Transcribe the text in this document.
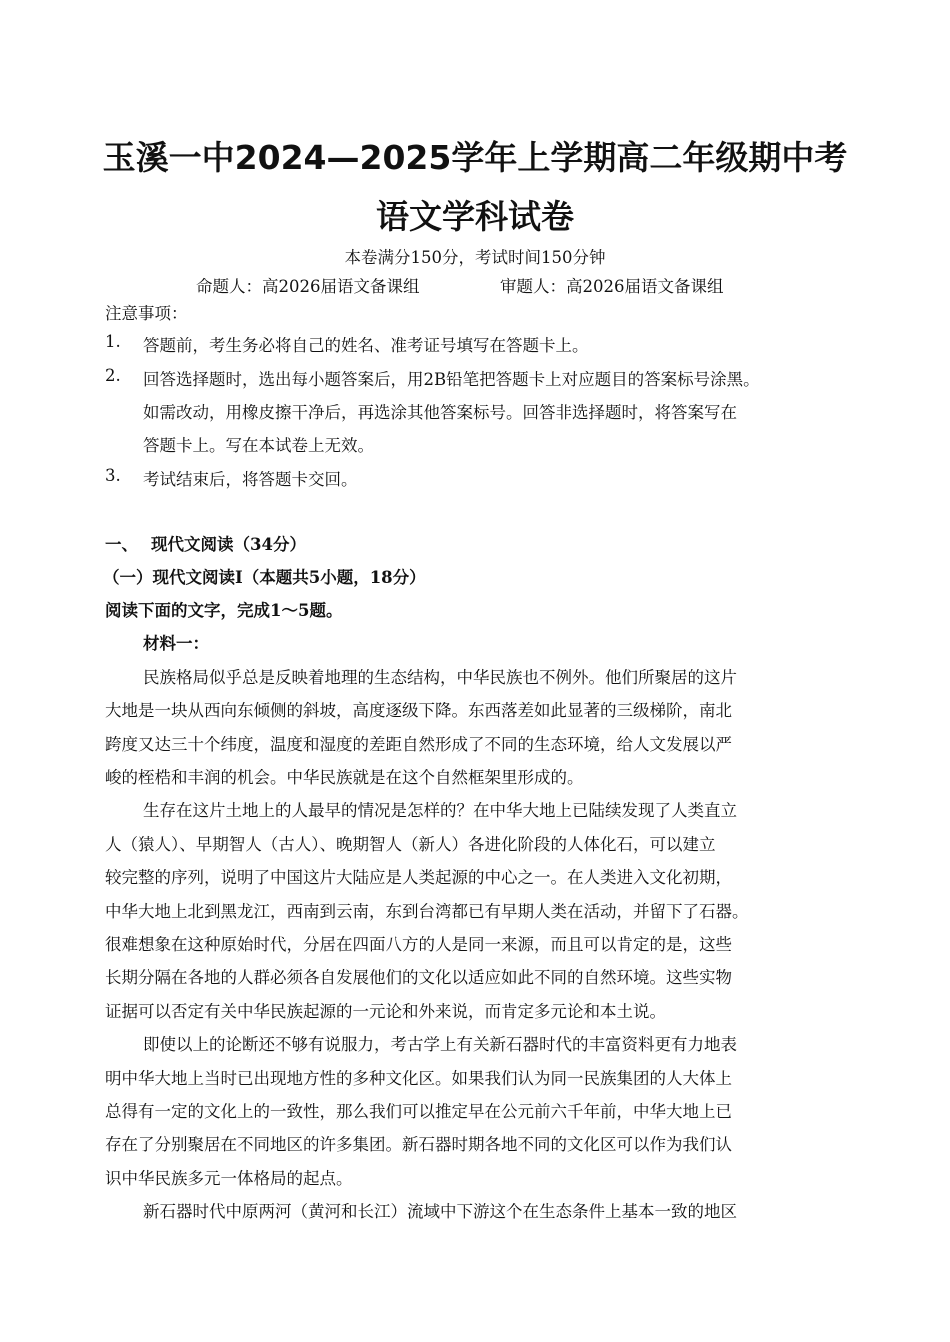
玉溪一中2024—2025学年上学期高二年级期中考
语文学科试卷
本卷满分150分，考试时间150分钟
命题人：高2026届语文备课组	审题人：高2026届语文备课组
注意事项：
1. 答题前，考生务必将自己的姓名、准考证号填写在答题卡上。
2. 回答选择题时，选出每小题答案后，用2B铅笔把答题卡上对应题目的答案标号涂黑。
如需改动，用橡皮擦干净后，再选涂其他答案标号。回答非选择题时，将答案写在
答题卡上。写在本试卷上无效。
3. 考试结束后，将答题卡交回。
一、 现代文阅读（34分）
（一）现代文阅读Ⅰ（本题共5小题，18分）
阅读下面的文字，完成1～5题。
材料一：
民族格局似乎总是反映着地理的生态结构，中华民族也不例外。他们所聚居的这片
大地是一块从西向东倾侧的斜坡，高度逐级下降。东西落差如此显著的三级梯阶，南北
跨度又达三十个纬度，温度和湿度的差距自然形成了不同的生态环境，给人文发展以严
峻的桎梏和丰润的机会。中华民族就是在这个自然框架里形成的。
生存在这片土地上的人最早的情况是怎样的？在中华大地上已陆续发现了人类直立
人（猿人）、早期智人（古人）、晚期智人（新人）各进化阶段的人体化石，可以建立
较完整的序列，说明了中国这片大陆应是人类起源的中心之一。在人类进入文化初期，
中华大地上北到黑龙江，西南到云南，东到台湾都已有早期人类在活动，并留下了石器。
很难想象在这种原始时代，分居在四面八方的人是同一来源，而且可以肯定的是，这些
长期分隔在各地的人群必须各自发展他们的文化以适应如此不同的自然环境。这些实物
证据可以否定有关中华民族起源的一元论和外来说，而肯定多元论和本土说。
即使以上的论断还不够有说服力，考古学上有关新石器时代的丰富资料更有力地表
明中华大地上当时已出现地方性的多种文化区。如果我们认为同一民族集团的人大体上
总得有一定的文化上的一致性，那么我们可以推定早在公元前六千年前，中华大地上已
存在了分别聚居在不同地区的许多集团。新石器时期各地不同的文化区可以作为我们认
识中华民族多元一体格局的起点。
新石器时代中原两河（黄河和长江）流域中下游这个在生态条件上基本一致的地区
